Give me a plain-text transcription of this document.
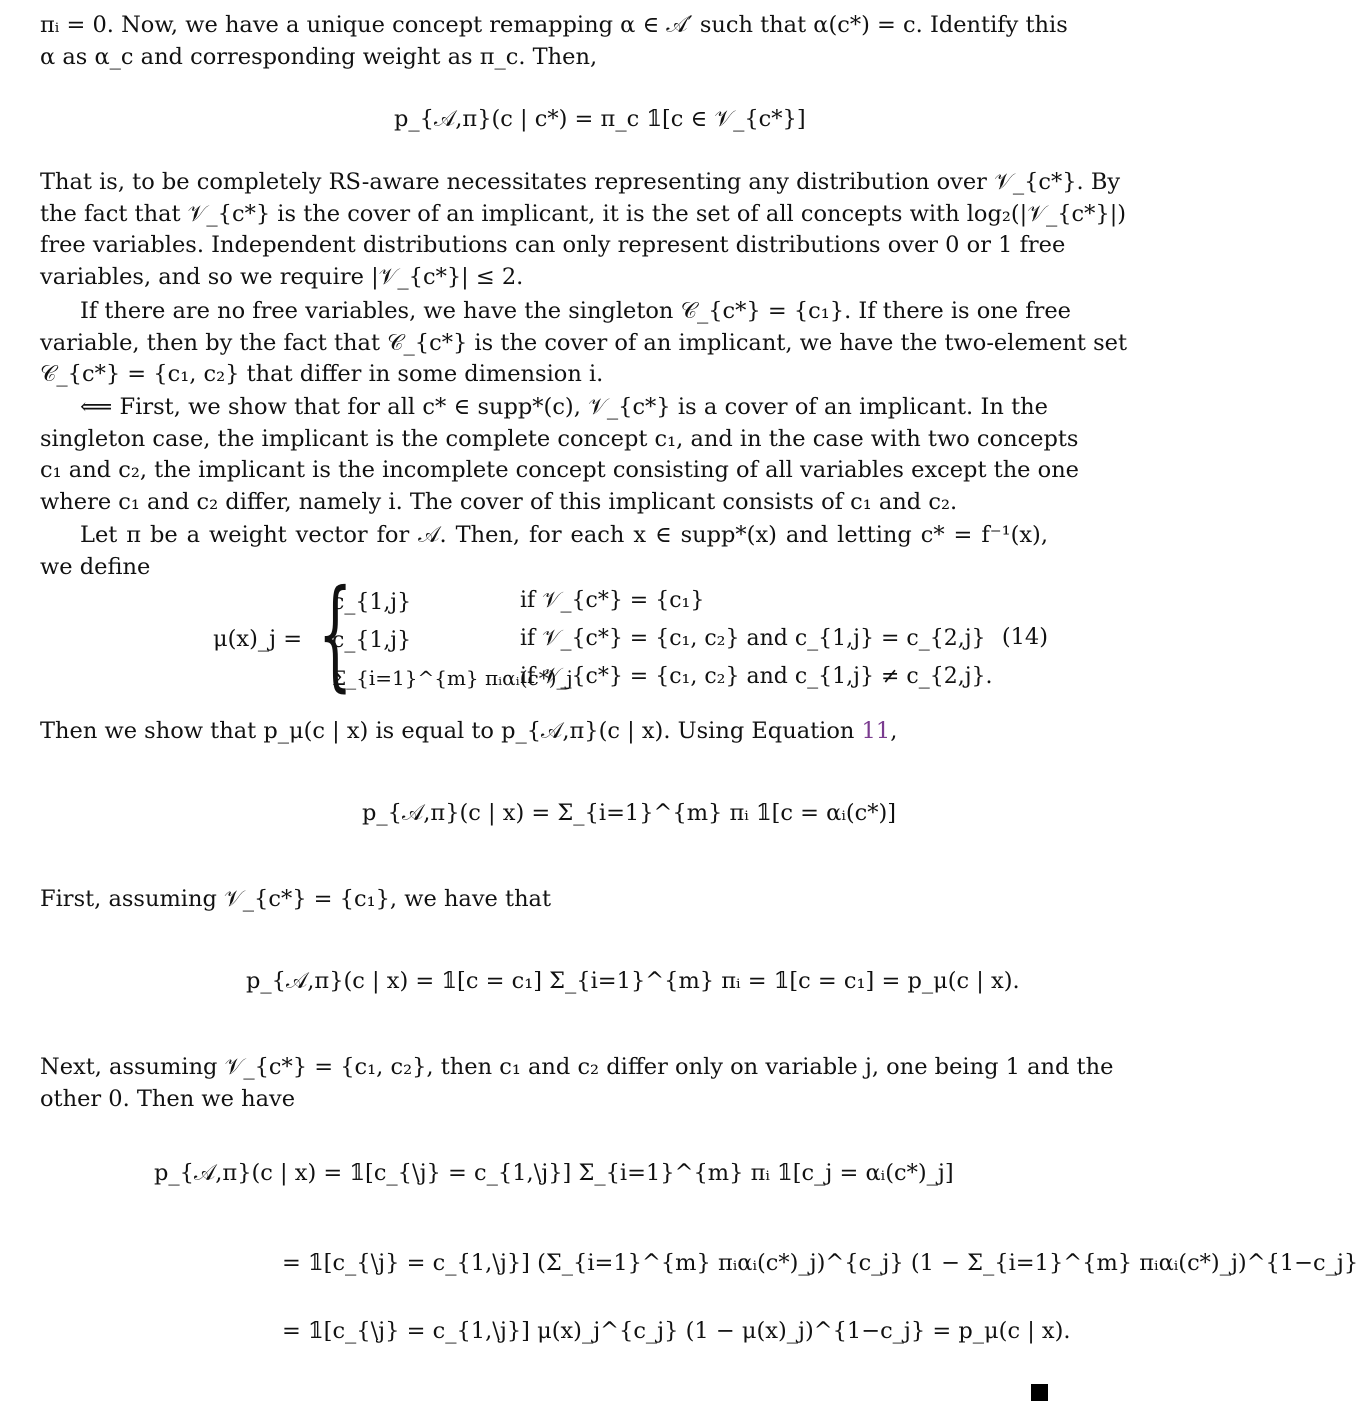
πᵢ = 0. Now, we have a unique concept remapping α ∈ 𝒜′ such that α(c*) = c. Identify this
α as α_c and corresponding weight as π_c. Then,
p_{𝒜,π}(c | c*) = π_c 𝟙[c ∈ 𝒱_{c*}]
That is, to be completely RS-aware necessitates representing any distribution over 𝒱_{c*}. By
the fact that 𝒱_{c*} is the cover of an implicant, it is the set of all concepts with log₂(|𝒱_{c*}|)
free variables. Independent distributions can only represent distributions over 0 or 1 free
variables, and so we require |𝒱_{c*}| ≤ 2.
If there are no free variables, we have the singleton 𝒞_{c*} = {c₁}. If there is one free
variable, then by the fact that 𝒞_{c*} is the cover of an implicant, we have the two-element set
𝒞_{c*} = {c₁, c₂} that differ in some dimension i.
⟸ First, we show that for all c* ∈ supp*(c), 𝒱_{c*} is a cover of an implicant. In the
singleton case, the implicant is the complete concept c₁, and in the case with two concepts
c₁ and c₂, the implicant is the incomplete concept consisting of all variables except the one
where c₁ and c₂ differ, namely i. The cover of this implicant consists of c₁ and c₂.
Let π be a weight vector for 𝒜. Then, for each x ∈ supp*(x) and letting c* = f⁻¹(x),
we define
μ(x)_j = {
c_{1,j}	if 𝒱_{c*} = {c₁}
c_{1,j}	if 𝒱_{c*} = {c₁, c₂} and c_{1,j} = c_{2,j}
Σ_{i=1}^{m} πᵢαᵢ(c*)_j
if 𝒱_{c*} = {c₁, c₂} and c_{1,j} ≠ c_{2,j}.
(14)
Then we show that p_μ(c | x) is equal to p_{𝒜,π}(c | x). Using Equation 11,
p_{𝒜,π}(c | x) = Σ_{i=1}^{m} πᵢ 𝟙[c = αᵢ(c*)]
First, assuming 𝒱_{c*} = {c₁}, we have that
p_{𝒜,π}(c | x) = 𝟙[c = c₁] Σ_{i=1}^{m} πᵢ = 𝟙[c = c₁] = p_μ(c | x).
Next, assuming 𝒱_{c*} = {c₁, c₂}, then c₁ and c₂ differ only on variable j, one being 1 and the
other 0. Then we have
p_{𝒜,π}(c | x) = 𝟙[c_{\j} = c_{1,\j}] Σ_{i=1}^{m} πᵢ 𝟙[c_j = αᵢ(c*)_j]
= 𝟙[c_{\j} = c_{1,\j}] (Σ_{i=1}^{m} πᵢαᵢ(c*)_j)^{c_j} (1 − Σ_{i=1}^{m} πᵢαᵢ(c*)_j)^{1−c_j}
= 𝟙[c_{\j} = c_{1,\j}] μ(x)_j^{c_j} (1 − μ(x)_j)^{1−c_j} = p_μ(c | x).
